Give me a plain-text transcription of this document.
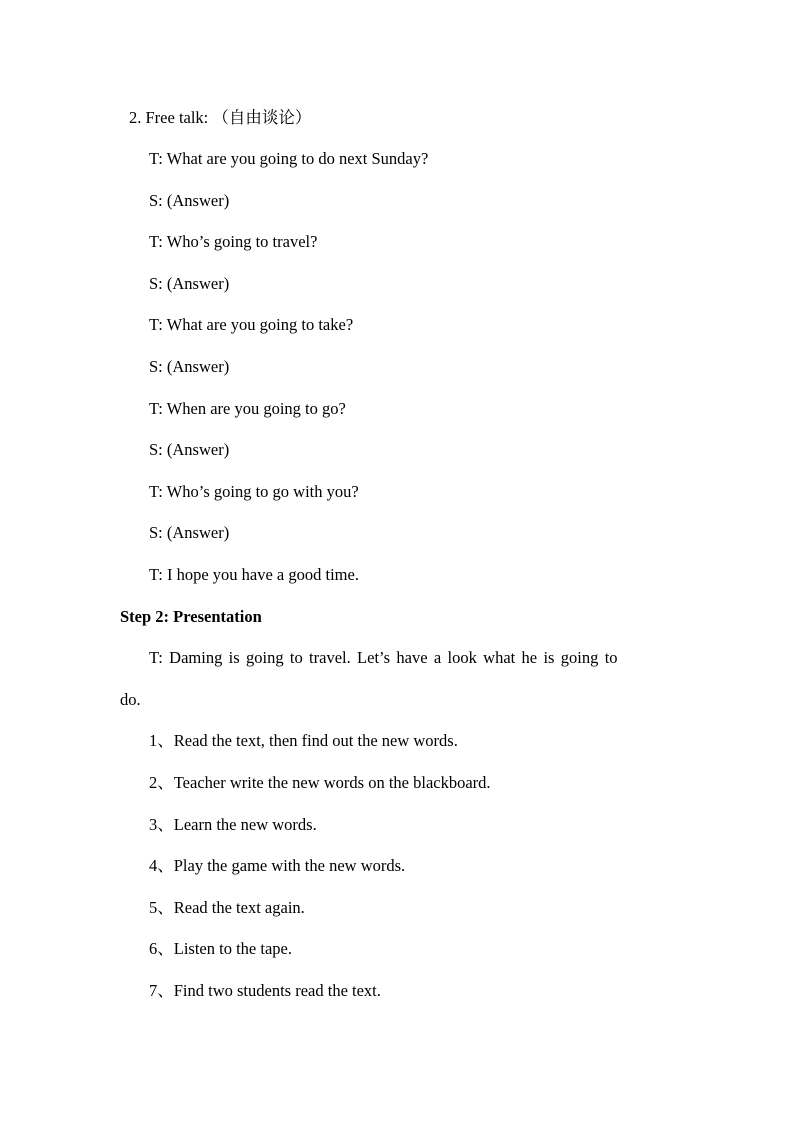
2. Free talk: （自由谈论）
T: What are you going to do next Sunday?
S: (Answer)
T: Who’s going to travel?
S: (Answer)
T: What are you going to take?
S: (Answer)
T: When are you going to go?
S: (Answer)
T: Who’s going to go with you?
S: (Answer)
T: I hope you have a good time.
Step 2: Presentation
T: Daming is going to travel. Let’s have a look what he is going to
do.
1、Read the text, then find out the new words.
2、Teacher write the new words on the blackboard.
3、Learn the new words.
4、Play the game with the new words.
5、Read the text again.
6、Listen to the tape.
7、Find two students read the text.
